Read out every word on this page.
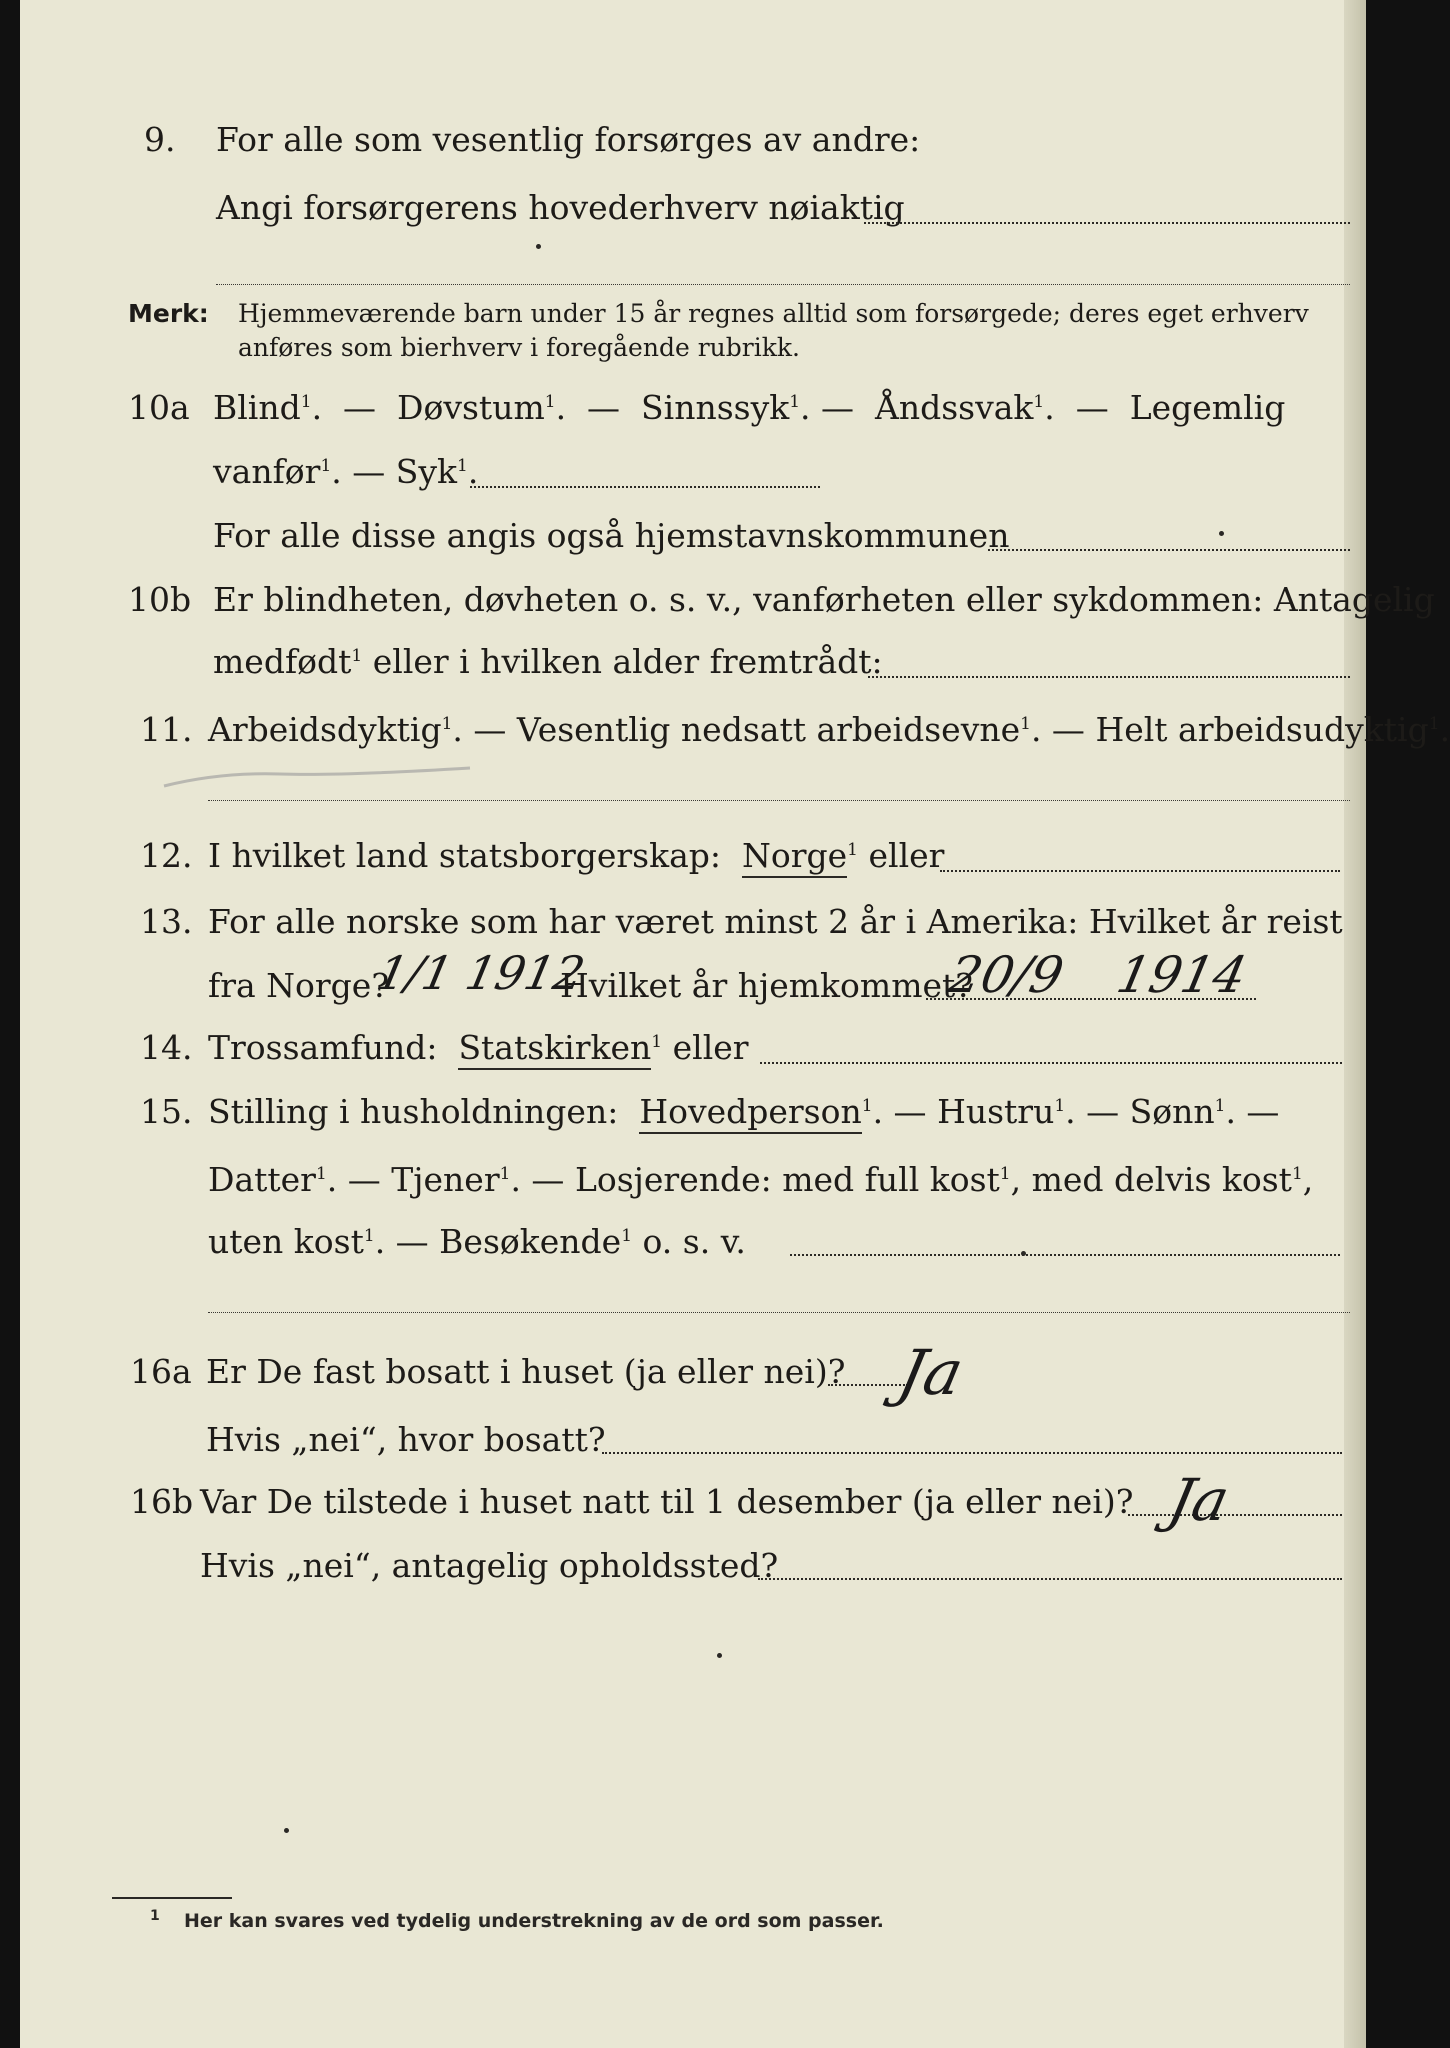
9. For alle som vesentlig forsørges av andre:
Angi forsørgerens hovederhverv nøiaktig
Merk: Hjemmeværende barn under 15 år regnes alltid som forsørgede; deres eget erhverv
anføres som bierhverv i foregående rubrikk.
10a Blind$^1$.  —  Døvstum$^1$.  —  Sinnssyk$^1$. —  Åndssvak$^1$.  —  Legemlig
vanfør$^1$. — Syk$^1$.
For alle disse angis også hjemstavnskommunen
10b Er blindheten, døvheten o. s. v., vanførheten eller sykdommen: Antagelig
medfødt$^1$ eller i hvilken alder fremtrådt:
11. Arbeidsdyktig$^1$. — Vesentlig nedsatt arbeidsevne$^1$. — Helt arbeidsudyktig$^1$.
12. I hvilket land statsborgerskap: Norge$^1$ eller
13. For alle norske som har været minst 2 år i Amerika: Hvilket år reist
fra Norge?
1/1 1912
Hvilket år hjemkommet?
20/9 1914
14. Trossamfund: Statskirken$^1$ eller
15. Stilling i husholdningen: Hovedperson$^1$. — Hustru$^1$. — Sønn$^1$. —
Datter$^1$. — Tjener$^1$. — Losjerende: med full kost$^1$, med delvis kost$^1$,
uten kost$^1$. — Besøkende$^1$ o. s. v.
16a Er De fast bosatt i huset (ja eller nei)? Ja
Hvis „nei“, hvor bosatt?
16b Var De tilstede i huset natt til 1 desember (ja eller nei)? Ja
Hvis „nei“, antagelig opholdssted?
1 Her kan svares ved tydelig understrekning av de ord som passer.
